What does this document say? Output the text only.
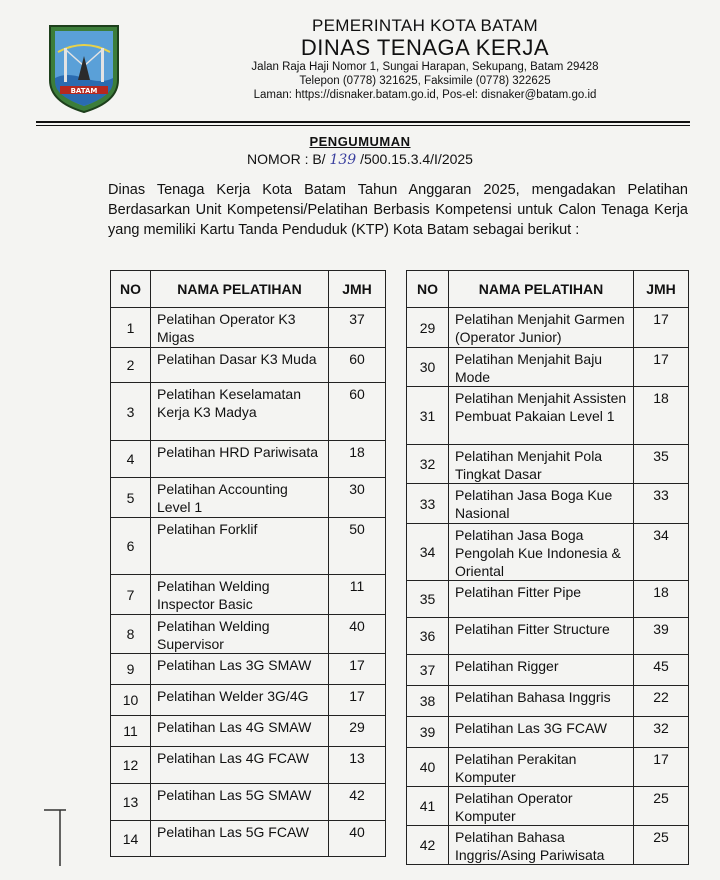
BATAM
PEMERINTAH KOTA BATAM
DINAS TENAGA KERJA
Jalan Raja Haji Nomor 1, Sungai Harapan, Sekupang, Batam 29428
Telepon (0778) 321625, Faksimile (0778) 322625
Laman: https://disnaker.batam.go.id, Pos-el: disnaker@batam.go.id
PENGUMUMAN
NOMOR : B/ 139 /500.15.3.4/I/2025
Dinas Tenaga Kerja Kota Batam Tahun Anggaran 2025, mengadakan Pelatihan Berdasarkan Unit Kompetensi/Pelatihan Berbasis Kompetensi untuk Calon Tenaga Kerja yang memiliki Kartu Tanda Penduduk (KTP) Kota Batam sebagai berikut :
NO	NAMA PELATIHAN	JMH
1	Pelatihan Operator K3 Migas	37
2	Pelatihan Dasar K3 Muda	60
3	Pelatihan Keselamatan Kerja K3 Madya	60
4	Pelatihan HRD Pariwisata	18
5	Pelatihan Accounting Level 1	30
6	Pelatihan Forklif	50
7	Pelatihan Welding Inspector Basic	11
8	Pelatihan Welding Supervisor	40
9	Pelatihan Las 3G SMAW	17
10	Pelatihan Welder 3G/4G	17
11	Pelatihan Las 4G SMAW	29
12	Pelatihan Las 4G FCAW	13
13	Pelatihan Las 5G SMAW	42
14	Pelatihan Las 5G FCAW	40
NO	NAMA PELATIHAN	JMH
29	Pelatihan Menjahit Garmen (Operator Junior)	17
30	Pelatihan Menjahit Baju Mode	17
31	Pelatihan Menjahit Assisten Pembuat Pakaian Level 1	18
32	Pelatihan Menjahit Pola Tingkat Dasar	35
33	Pelatihan Jasa Boga Kue Nasional	33
34	Pelatihan Jasa Boga Pengolah Kue Indonesia & Oriental	34
35	Pelatihan Fitter Pipe	18
36	Pelatihan Fitter Structure	39
37	Pelatihan Rigger	45
38	Pelatihan Bahasa Inggris	22
39	Pelatihan Las 3G FCAW	32
40	Pelatihan Perakitan Komputer	17
41	Pelatihan Operator Komputer	25
42	Pelatihan Bahasa Inggris/Asing Pariwisata	25
